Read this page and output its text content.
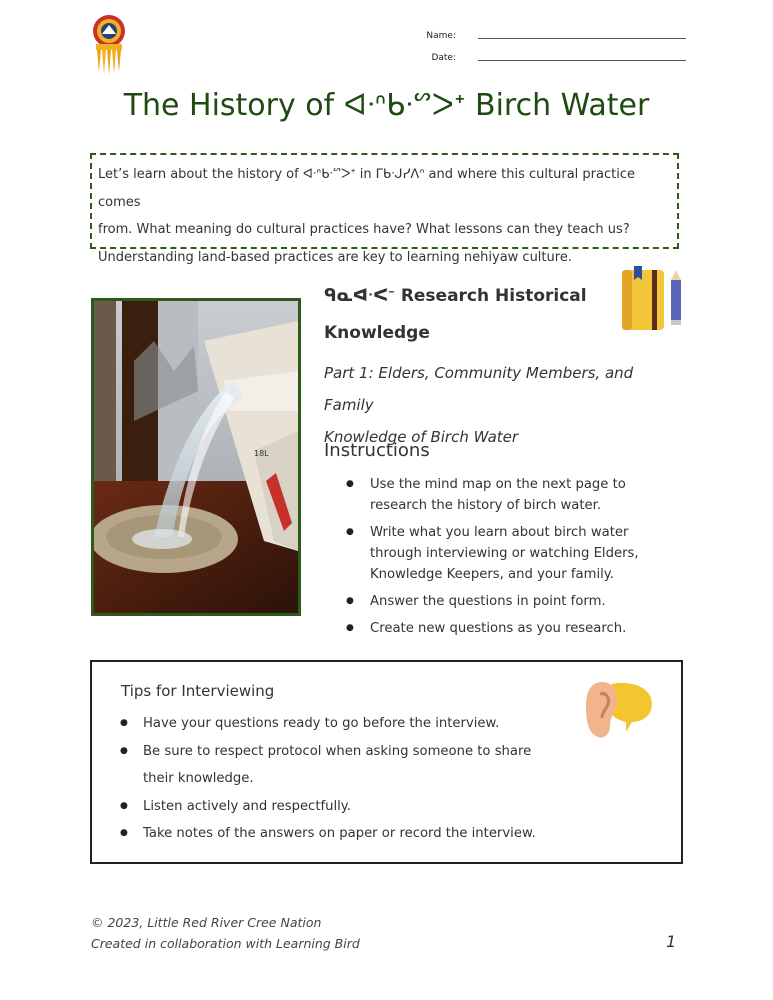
Name:
Date:
The History of ᐊᐧᐢᑲᐧᔥᐳᐩ Birch Water

Let’s learn about the history of ᐊᐧᐢᑲᐧᔥᐳᐩ in ᒥᑲᐧᒍᓯᐱᐢ and where this cultural practice comes

from. What meaning do cultural practices have? What lessons can they teach us?

Understanding land-based practices are key to learning nehiyaw culture.

18L
ᑫᓇᐊᐧᐸᐨ Research Historical
Knowledge
Part 1: Elders, Community Members, and Family
Knowledge of Birch Water
Instructions
● Use the mind map on the next page to research the history of birch water.
● Write what you learn about birch water through interviewing or watching Elders, Knowledge Keepers, and your family.
● Answer the questions in point form.
● Create new questions as you research.
Tips for Interviewing
● Have your questions ready to go before the interview.
● Be sure to respect protocol when asking someone to share their knowledge.
● Listen actively and respectfully.
● Take notes of the answers on paper or record the interview.
© 2023, Little Red River Cree Nation
Created in collaboration with Learning Bird	1
